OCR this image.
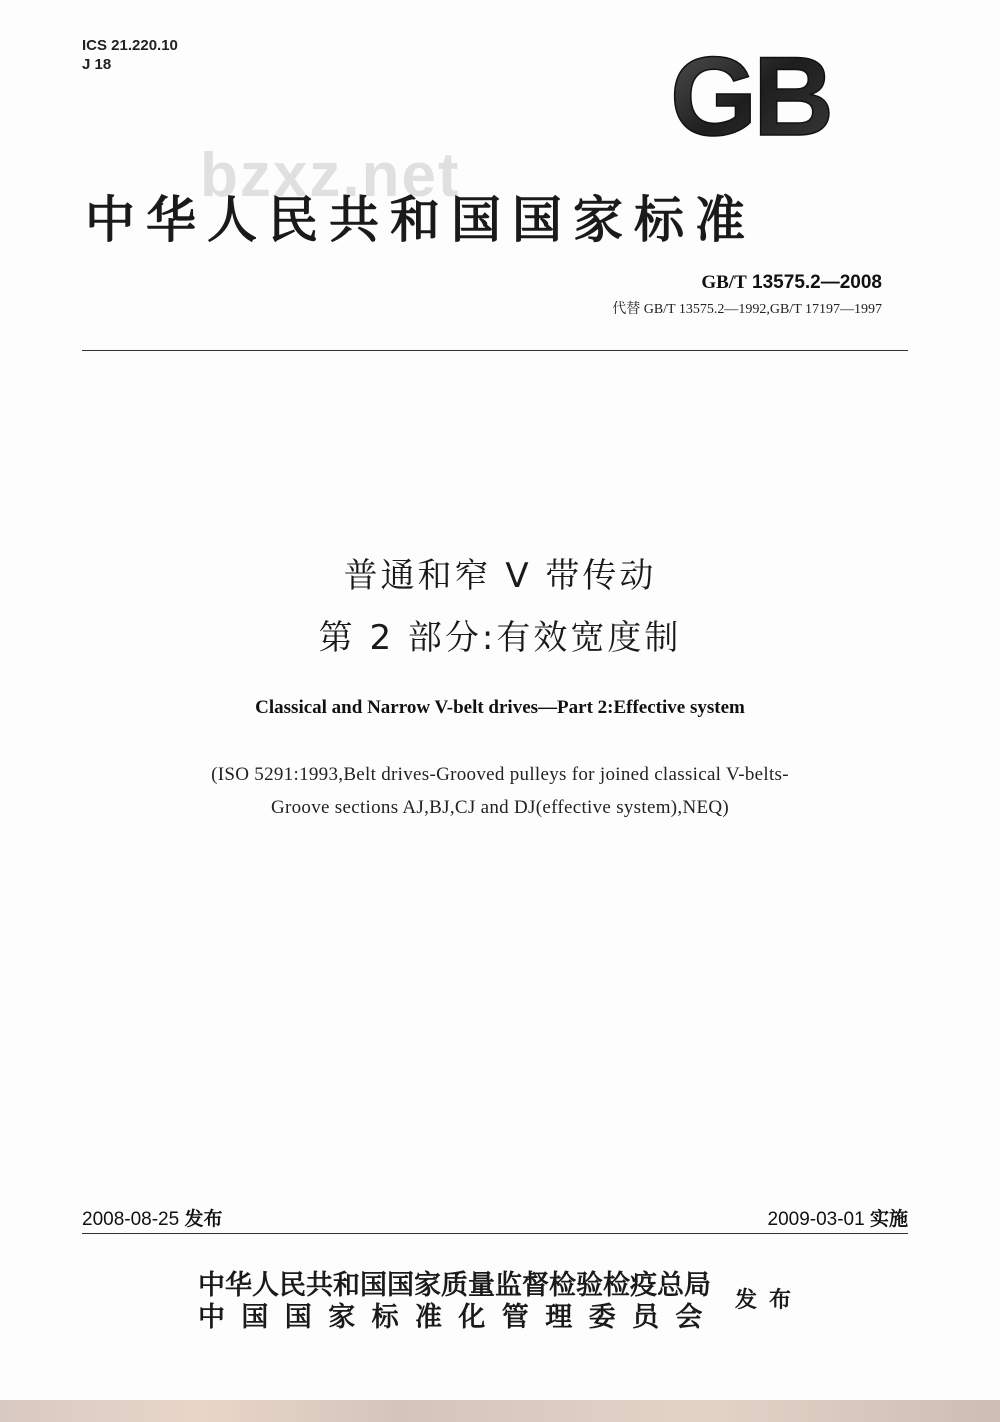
ICS 21.220.10
J 18	GB
bzxz.net
中华人民共和国国家标准
GB/T 13575.2—2008
代替 GB/T 13575.2—1992,GB/T 17197—1997
普通和窄 V 带传动
第 2 部分:有效宽度制
Classical and Narrow V-belt drives—Part 2:Effective system
(ISO 5291:1993,Belt drives-Grooved pulleys for joined classical V-belts-
Groove sections AJ,BJ,CJ and DJ(effective system),NEQ)
2008-08-25 发布	2009-03-01 实施
中华人民共和国国家质量监督检验检疫总局
中国国家标准化管理委员会
发布
